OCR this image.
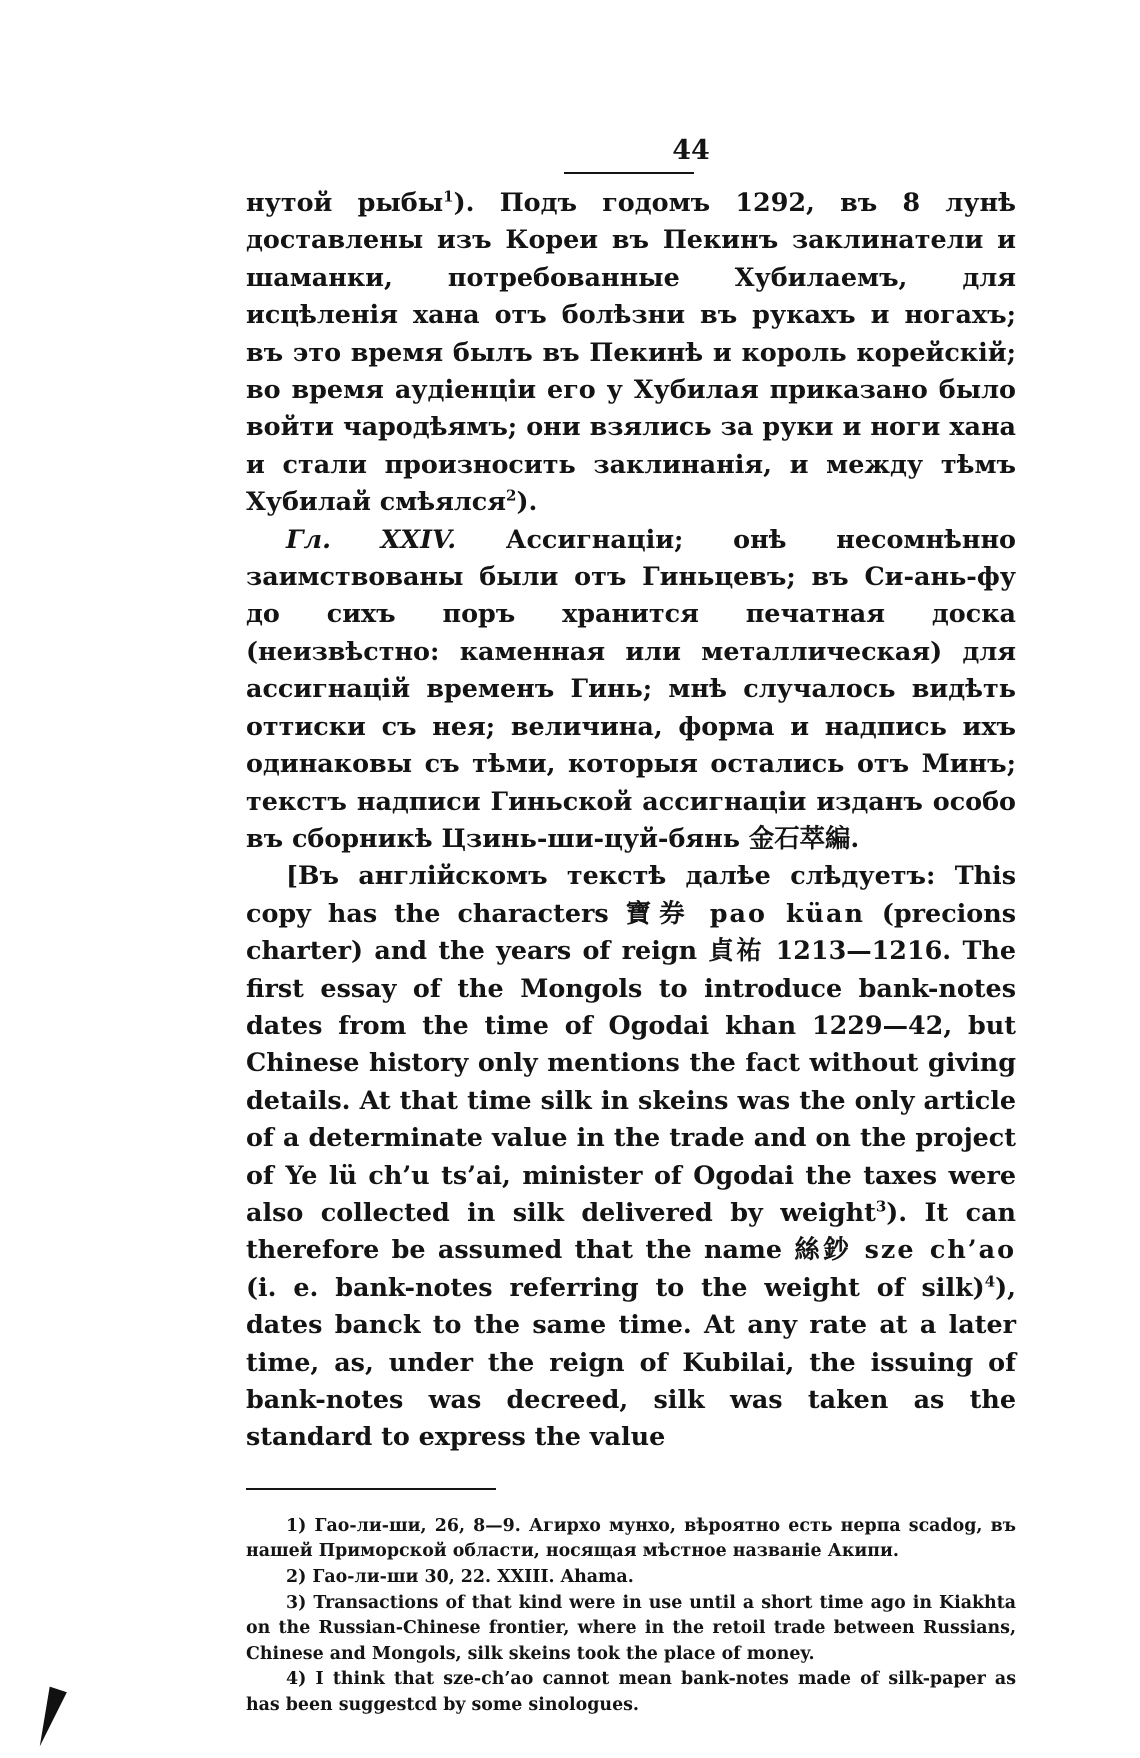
44

нутой рыбы$^1$). Подъ годомъ 1292, въ 8 лунѣ доставлены изъ Кореи въ Пекинъ заклинатели и шаманки, потребованные Хубилаемъ, для исцѣленія хана отъ болѣзни въ рукахъ и ногахъ; въ это время былъ въ Пекинѣ и король корейскій; во время аудіенціи его у Хубилая приказано было войти чародѣямъ; они взялись за руки и ноги хана и стали произносить заклинанія, и между тѣмъ Хубилай смѣялся$^2$).

Гл. XXIV. Ассигнаціи; онѣ несомнѣнно заимствованы были отъ Гиньцевъ; въ Си-ань-фу до сихъ поръ хранится печатная доска (неизвѣстно: каменная или металлическая) для ассигнацій временъ Гинь; мнѣ случалось видѣть оттиски съ нея; величина, форма и надпись ихъ одинаковы съ тѣми, которыя остались отъ Минъ; текстъ надписи Гиньской ассигнаціи изданъ особо въ сборникѣ Цзинь-ши-цуй-бянь 金石萃編.

[Въ англійскомъ текстѣ далѣе слѣдуетъ: This copy has the characters 寶券 pao küan (precions charter) and the years of reign 貞祐 1213—1216. The first essay of the Mongols to introduce bank-notes dates from the time of Ogodai khan 1229—42, but Chinese history only mentions the fact without giving details. At that time silk in skeins was the only article of a determinate value in the trade and on the project of Ye lü ch’u ts’ai, minister of Ogodai the taxes were also collected in silk delivered by weight$^3$). It can therefore be assumed that the name 絲鈔 sze ch’ao (i. e. bank-notes referring to the weight of silk)$^4$), dates banck to the same time. At any rate at a later time, as, under the reign of Kubilai, the issuing of bank-notes was decreed, silk was taken as the standard to express the value

1) Гао-ли-ши, 26, 8—9. Агирхо мунхо, вѣроятно есть нерпа scadog, въ нашей Приморской области, носящая мѣстное названіе Акипи.

2) Гао-ли-ши 30, 22. XXIII. Ahama.

3) Transactions of that kind were in use until a short time ago in Kiakhta on the Russian-Chinese frontier, where in the retoil trade between Russians, Chinese and Mongols, silk skeins took the place of money.

4) I think that sze-ch’ao cannot mean bank-notes made of silk-paper as has been suggestcd by some sinologues.
